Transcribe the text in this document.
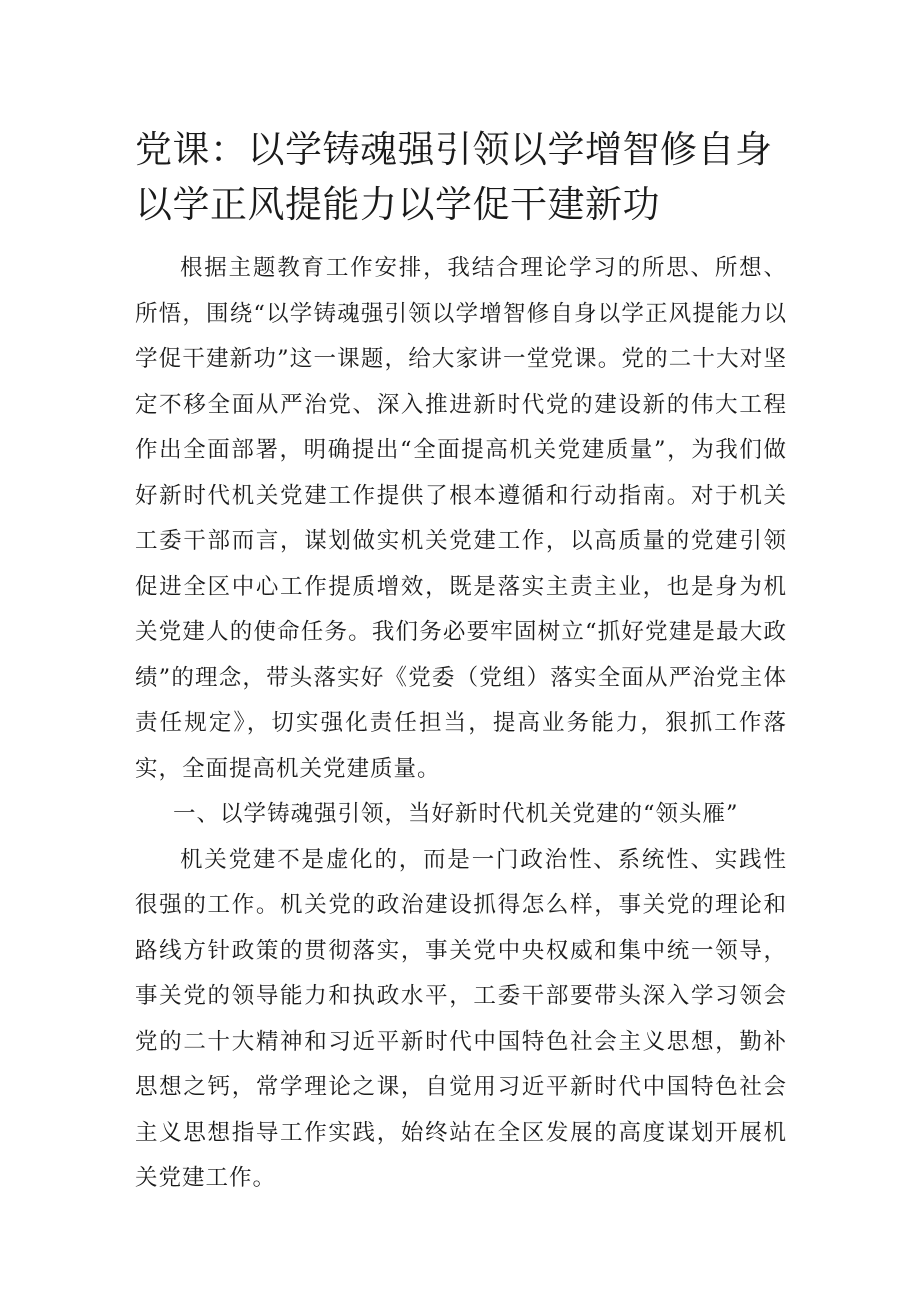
党课：以学铸魂强引领以学增智修自身以学正风提能力以学促干建新功

根据主题教育工作安排，我结合理论学习的所思、所想、所悟，围绕“以学铸魂强引领以学增智修自身以学正风提能力以学促干建新功”这一课题，给大家讲一堂党课。党的二十大对坚定不移全面从严治党、深入推进新时代党的建设新的伟大工程作出全面部署，明确提出“全面提高机关党建质量”，为我们做好新时代机关党建工作提供了根本遵循和行动指南。对于机关工委干部而言，谋划做实机关党建工作，以高质量的党建引领促进全区中心工作提质增效，既是落实主责主业，也是身为机关党建人的使命任务。我们务必要牢固树立“抓好党建是最大政绩”的理念，带头落实好《党委（党组）落实全面从严治党主体责任规定》，切实强化责任担当，提高业务能力，狠抓工作落实，全面提高机关党建质量。

一、以学铸魂强引领，当好新时代机关党建的“领头雁”

机关党建不是虚化的，而是一门政治性、系统性、实践性很强的工作。机关党的政治建设抓得怎么样，事关党的理论和路线方针政策的贯彻落实，事关党中央权威和集中统一领导，事关党的领导能力和执政水平，工委干部要带头深入学习领会党的二十大精神和习近平新时代中国特色社会主义思想，勤补思想之钙，常学理论之课，自觉用习近平新时代中国特色社会主义思想指导工作实践，始终站在全区发展的高度谋划开展机关党建工作。
